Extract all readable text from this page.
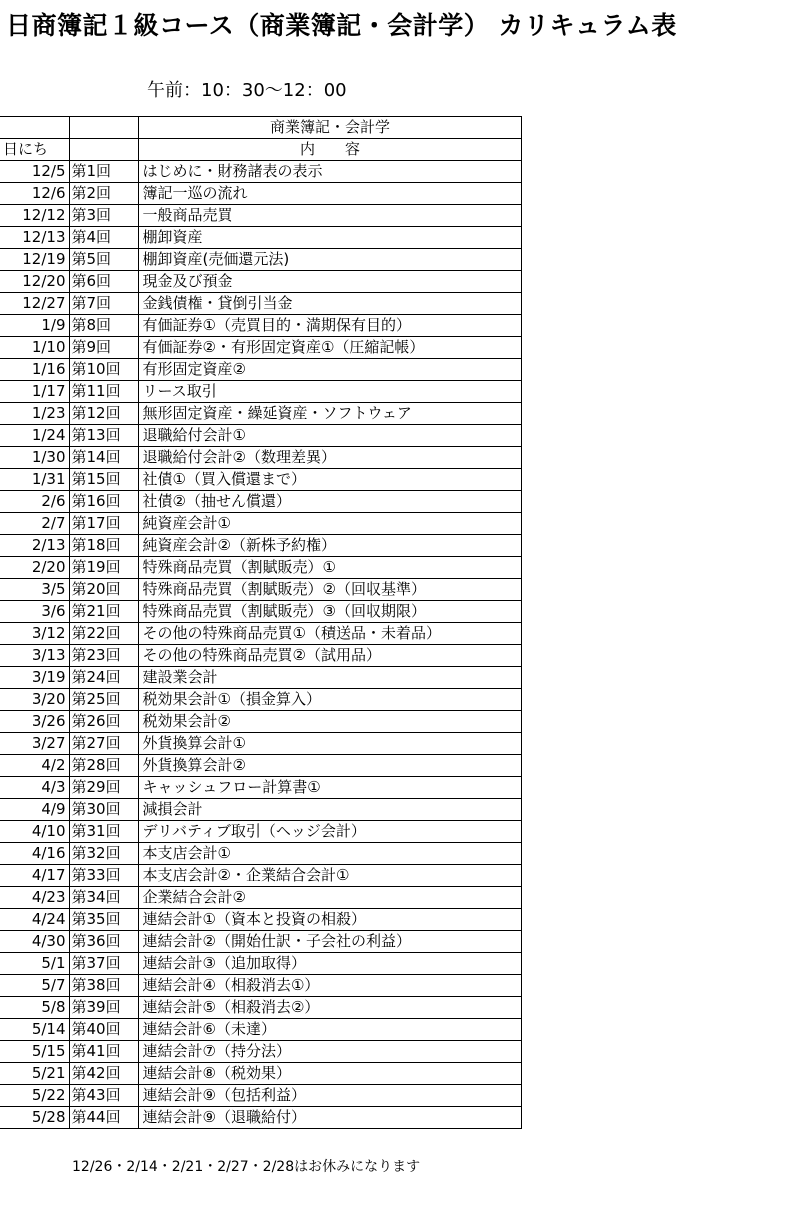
日商簿記１級コース（商業簿記・会計学） カリキュラム表
午前：10：30〜12：00
		商業簿記・会計学
日にち		内　　容
12/5	第1回	はじめに・財務諸表の表示
12/6	第2回	簿記一巡の流れ
12/12	第3回	一般商品売買
12/13	第4回	棚卸資産
12/19	第5回	棚卸資産(売価還元法)
12/20	第6回	現金及び預金
12/27	第7回	金銭債権・貸倒引当金
1/9	第8回	有価証券①（売買目的・満期保有目的）
1/10	第9回	有価証券②・有形固定資産①（圧縮記帳）
1/16	第10回	有形固定資産②
1/17	第11回	リース取引
1/23	第12回	無形固定資産・繰延資産・ソフトウェア
1/24	第13回	退職給付会計①
1/30	第14回	退職給付会計②（数理差異）
1/31	第15回	社債①（買入償還まで）
2/6	第16回	社債②（抽せん償還）
2/7	第17回	純資産会計①
2/13	第18回	純資産会計②（新株予約権）
2/20	第19回	特殊商品売買（割賦販売）①
3/5	第20回	特殊商品売買（割賦販売）②（回収基準）
3/6	第21回	特殊商品売買（割賦販売）③（回収期限）
3/12	第22回	その他の特殊商品売買①（積送品・未着品）
3/13	第23回	その他の特殊商品売買②（試用品）
3/19	第24回	建設業会計
3/20	第25回	税効果会計①（損金算入）
3/26	第26回	税効果会計②
3/27	第27回	外貨換算会計①
4/2	第28回	外貨換算会計②
4/3	第29回	キャッシュフロー計算書①
4/9	第30回	減損会計
4/10	第31回	デリバティブ取引（ヘッジ会計）
4/16	第32回	本支店会計①
4/17	第33回	本支店会計②・企業結合会計①
4/23	第34回	企業結合会計②
4/24	第35回	連結会計①（資本と投資の相殺）
4/30	第36回	連結会計②（開始仕訳・子会社の利益）
5/1	第37回	連結会計③（追加取得）
5/7	第38回	連結会計④（相殺消去①）
5/8	第39回	連結会計⑤（相殺消去②）
5/14	第40回	連結会計⑥（未達）
5/15	第41回	連結会計⑦（持分法）
5/21	第42回	連結会計⑧（税効果）
5/22	第43回	連結会計⑨（包括利益）
5/28	第44回	連結会計⑨（退職給付）
12/26・2/14・2/21・2/27・2/28はお休みになります
